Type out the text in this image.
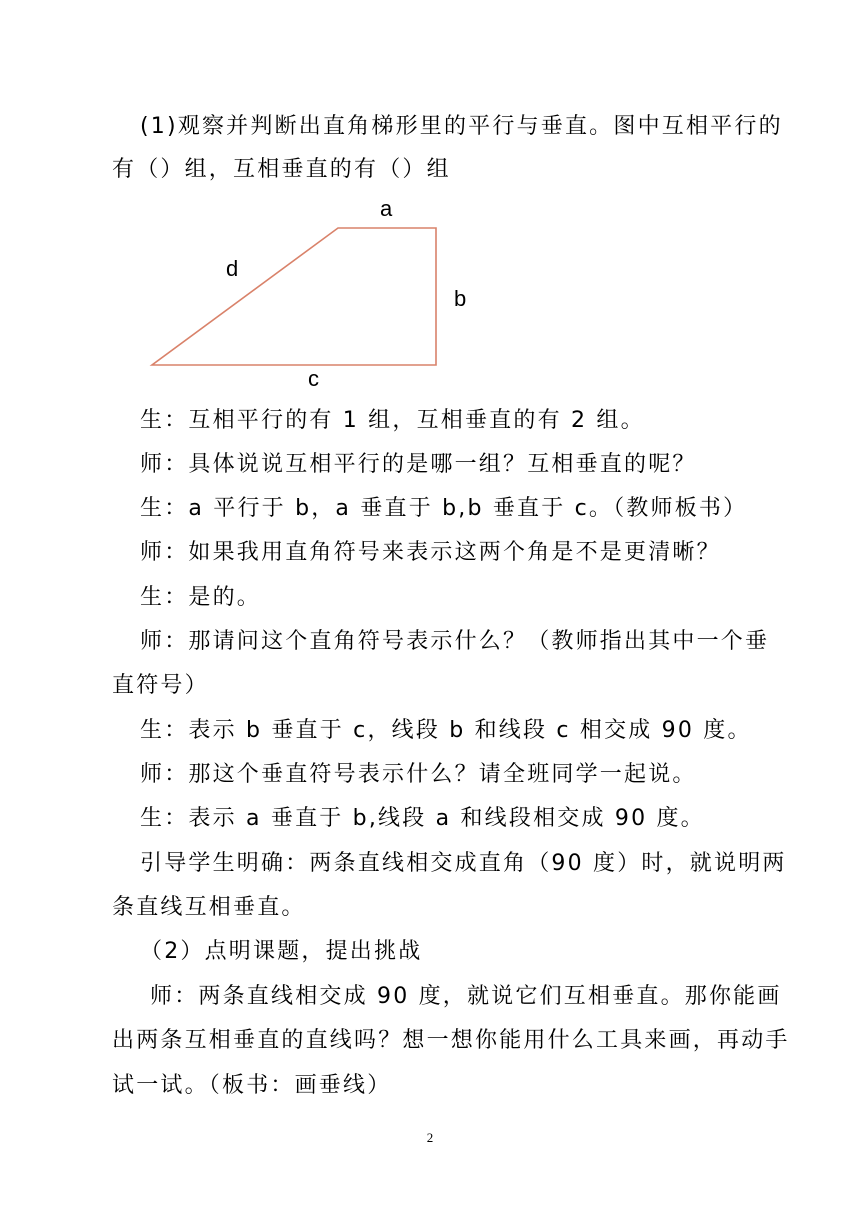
(1)观察并判断出直角梯形里的平行与垂直。图中互相平行的
有（）组，互相垂直的有（）组
a
b
c
d
生：互相平行的有 1 组，互相垂直的有 2 组。
师：具体说说互相平行的是哪一组？互相垂直的呢？
生：a 平行于 b，a 垂直于 b,b 垂直于 c。（教师板书）
师：如果我用直角符号来表示这两个角是不是更清晰？
生：是的。
师：那请问这个直角符号表示什么？（教师指出其中一个垂
直符号）
生：表示 b 垂直于 c，线段 b 和线段 c 相交成 90 度。
师：那这个垂直符号表示什么？请全班同学一起说。
生：表示 a 垂直于 b,线段 a 和线段相交成 90 度。
引导学生明确：两条直线相交成直角（90 度）时，就说明两
条直线互相垂直。
（2）点明课题，提出挑战
师：两条直线相交成 90 度，就说它们互相垂直。那你能画
出两条互相垂直的直线吗？想一想你能用什么工具来画，再动手
试一试。（板书：画垂线）
2
